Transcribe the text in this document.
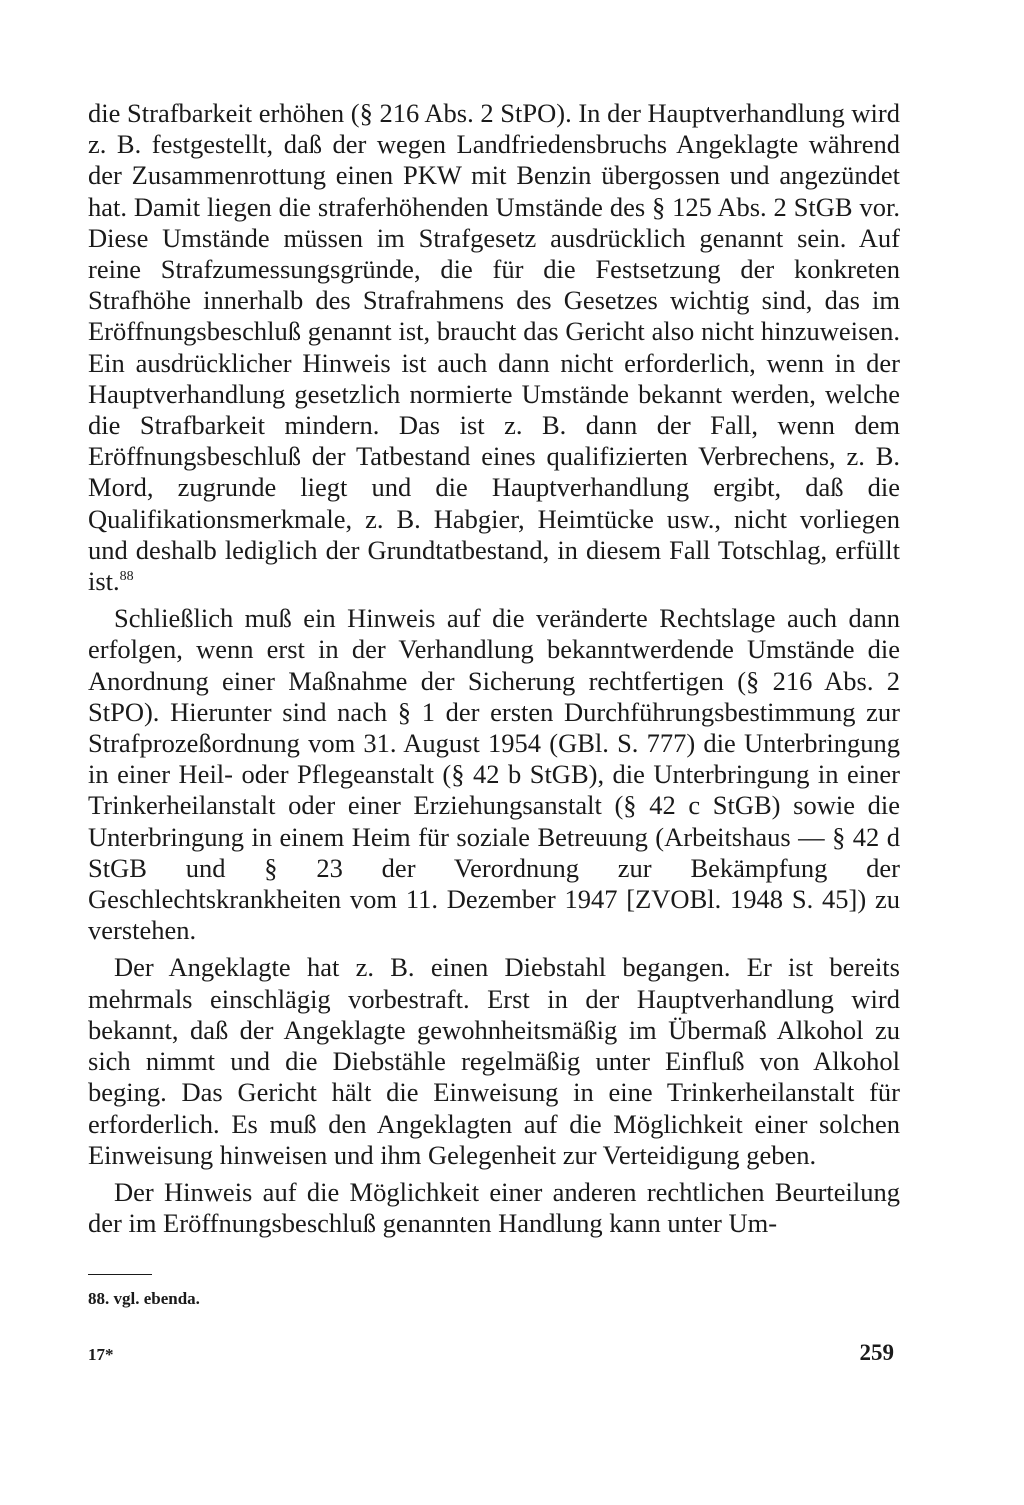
die Strafbarkeit erhöhen (§ 216 Abs. 2 StPO). In der Hauptverhandlung wird z. B. festgestellt, daß der wegen Landfriedensbruchs Angeklagte während der Zusammenrottung einen PKW mit Benzin übergossen und angezündet hat. Damit liegen die straferhöhenden Umstände des § 125 Abs. 2 StGB vor. Diese Umstände müssen im Strafgesetz ausdrücklich genannt sein. Auf reine Strafzumessungsgründe, die für die Festsetzung der konkreten Strafhöhe innerhalb des Strafrahmens des Gesetzes wichtig sind, das im Eröffnungsbeschluß genannt ist, braucht das Gericht also nicht hinzuweisen. Ein ausdrücklicher Hinweis ist auch dann nicht erforderlich, wenn in der Hauptverhandlung gesetzlich normierte Umstände bekannt werden, welche die Strafbarkeit mindern. Das ist z. B. dann der Fall, wenn dem Eröffnungsbeschluß der Tatbestand eines qualifizierten Verbrechens, z. B. Mord, zugrunde liegt und die Hauptverhandlung ergibt, daß die Qualifikationsmerkmale, z. B. Habgier, Heimtücke usw., nicht vorliegen und deshalb lediglich der Grundtatbestand, in diesem Fall Totschlag, erfüllt ist.$^{88}$

Schließlich muß ein Hinweis auf die veränderte Rechtslage auch dann erfolgen, wenn erst in der Verhandlung bekanntwerdende Umstände die Anordnung einer Maßnahme der Sicherung rechtfertigen (§ 216 Abs. 2 StPO). Hierunter sind nach § 1 der ersten Durchführungsbestimmung zur Strafprozeßordnung vom 31. August 1954 (GBl. S. 777) die Unterbringung in einer Heil- oder Pflegeanstalt (§ 42 b StGB), die Unterbringung in einer Trinkerheilanstalt oder einer Erziehungsanstalt (§ 42 c StGB) sowie die Unterbringung in einem Heim für soziale Betreuung (Arbeitshaus — § 42 d StGB und § 23 der Verordnung zur Bekämpfung der Geschlechtskrankheiten vom 11. Dezember 1947 [ZVOBl. 1948 S. 45]) zu verstehen.

Der Angeklagte hat z. B. einen Diebstahl begangen. Er ist bereits mehrmals einschlägig vorbestraft. Erst in der Hauptverhandlung wird bekannt, daß der Angeklagte gewohnheitsmäßig im Übermaß Alkohol zu sich nimmt und die Diebstähle regelmäßig unter Einfluß von Alkohol beging. Das Gericht hält die Einweisung in eine Trinkerheilanstalt für erforderlich. Es muß den Angeklagten auf die Möglichkeit einer solchen Einweisung hinweisen und ihm Gelegenheit zur Verteidigung geben.

Der Hinweis auf die Möglichkeit einer anderen rechtlichen Beurteilung der im Eröffnungsbeschluß genannten Handlung kann unter Um-

88. vgl. ebenda.
17*	259
